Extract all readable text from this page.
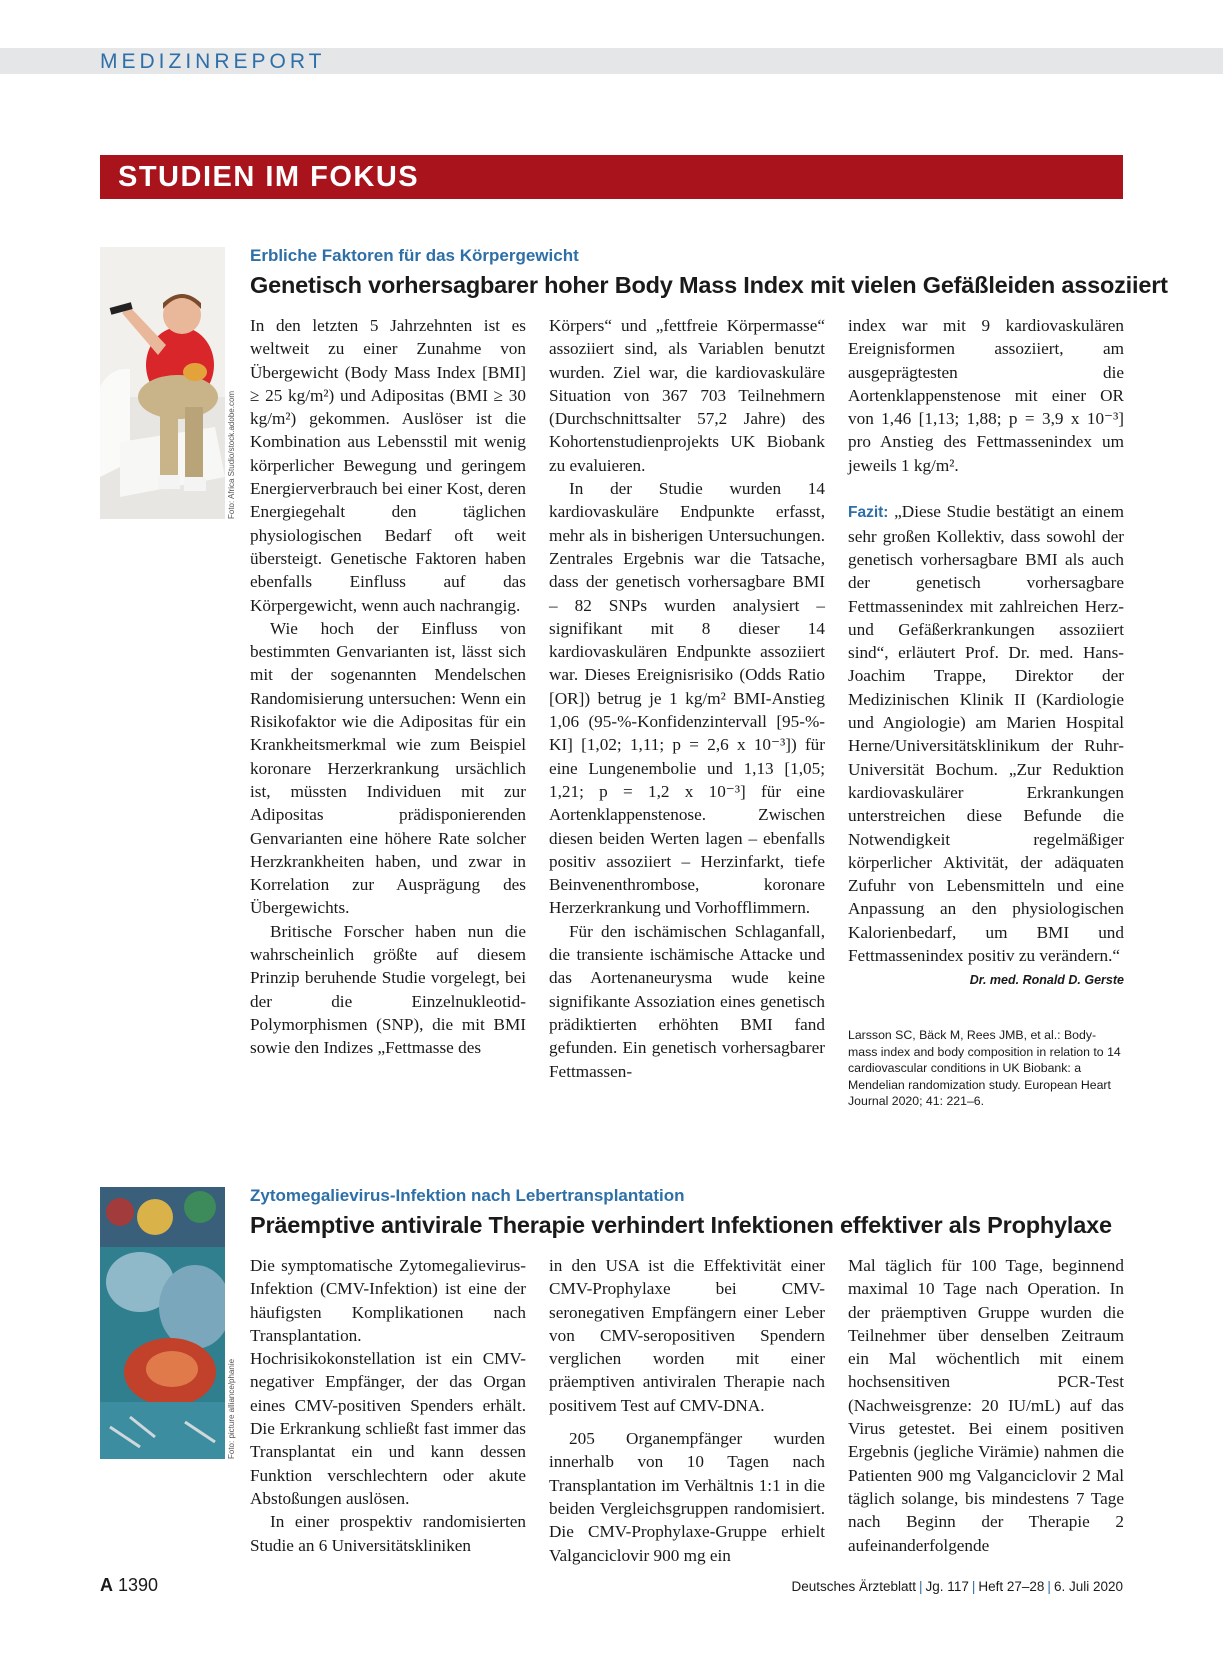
MEDIZINREPORT
STUDIEN IM FOKUS
Foto: Africa Studio/stock.adobe.com
Erbliche Faktoren für das Körpergewicht
Genetisch vorhersagbarer hoher Body Mass Index mit vielen Gefäßleiden assoziiert

In den letzten 5 Jahrzehnten ist es weltweit zu einer Zunahme von Übergewicht (Body Mass Index [BMI] ≥ 25 kg/m²) und Adipositas (BMI ≥ 30 kg/m²) gekommen. Auslöser ist die Kombination aus Lebensstil mit wenig körperlicher Bewegung und geringem Energierverbrauch bei einer Kost, deren Energiegehalt den täglichen physiologischen Bedarf oft weit übersteigt. Genetische Faktoren haben ebenfalls Einfluss auf das Körpergewicht, wenn auch nachrangig.

Wie hoch der Einfluss von bestimmten Genvarianten ist, lässt sich mit der sogenannten Mendelschen Randomisierung untersuchen: Wenn ein Risikofaktor wie die Adipositas für ein Krankheitsmerkmal wie zum Beispiel koronare Herzerkrankung ursächlich ist, müssten Individuen mit zur Adipositas prädisponierenden Genvarianten eine höhere Rate solcher Herzkrankheiten haben, und zwar in Korrelation zur Ausprägung des Übergewichts.

Britische Forscher haben nun die wahrscheinlich größte auf diesem Prinzip beruhende Studie vorgelegt, bei der die Einzelnukleotid-Polymorphismen (SNP), die mit BMI sowie den Indizes „Fettmasse des

Körpers“ und „fettfreie Körpermasse“ assoziiert sind, als Variablen benutzt wurden. Ziel war, die kardiovaskuläre Situation von 367 703 Teilnehmern (Durchschnittsalter 57,2 Jahre) des Kohortenstudienprojekts UK Biobank zu evaluieren.

In der Studie wurden 14 kardiovaskuläre Endpunkte erfasst, mehr als in bisherigen Untersuchungen. Zentrales Ergebnis war die Tatsache, dass der genetisch vorhersagbare BMI – 82 SNPs wurden analysiert – signifikant mit 8 dieser 14 kardiovaskulären Endpunkte assoziiert war. Dieses Ereignisrisiko (Odds Ratio [OR]) betrug je 1 kg/m² BMI-Anstieg 1,06 (95-%-Konfidenzintervall [95-%-KI] [1,02; 1,11; p = 2,6 x 10⁻³]) für eine Lungenembolie und 1,13 [1,05; 1,21; p = 1,2 x 10⁻³] für eine Aortenklappenstenose. Zwischen diesen beiden Werten lagen – ebenfalls positiv assoziiert – Herzinfarkt, tiefe Beinvenenthrombose, koronare Herzerkrankung und Vorhofflimmern.

Für den ischämischen Schlaganfall, die transiente ischämische Attacke und das Aortenaneurysma wude keine signifikante Assoziation eines genetisch prädiktierten erhöhten BMI fand gefunden. Ein genetisch vorhersagbarer Fettmassen-

index war mit 9 kardiovaskulären Ereignisformen assoziiert, am ausgeprägtesten die Aortenklappenstenose mit einer OR von 1,46 [1,13; 1,88; p = 3,9 x 10⁻³] pro Anstieg des Fettmassenindex um jeweils 1 kg/m².

Fazit: „Diese Studie bestätigt an einem sehr großen Kollektiv, dass sowohl der genetisch vorhersagbare BMI als auch der genetisch vorhersagbare Fettmassenindex mit zahlreichen Herz- und Gefäßerkrankungen assoziiert sind“, erläutert Prof. Dr. med. Hans-Joachim Trappe, Direktor der Medizinischen Klinik II (Kardiologie und Angiologie) am Marien Hospital Herne/Universitätsklinikum der Ruhr-Universität Bochum. „Zur Reduktion kardiovaskulärer Erkrankungen unterstreichen diese Befunde die Notwendigkeit regelmäßiger körperlicher Aktivität, der adäquaten Zufuhr von Lebensmitteln und eine Anpassung an den physiologischen Kalorienbedarf, um BMI und Fettmassenindex positiv zu verändern.“
Dr. med. Ronald D. Gerste

Larsson SC, Bäck M, Rees JMB, et al.: Body-mass index and body composition in relation to 14 cardiovascular conditions in UK Biobank: a Mendelian randomization study. European Heart Journal 2020; 41: 221–6.
Foto: picture alliance/phanie
Zytomegalievirus-Infektion nach Lebertransplantation
Präemptive antivirale Therapie verhindert Infektionen effektiver als Prophylaxe

Die symptomatische Zytomegalievirus-Infektion (CMV-Infektion) ist eine der häufigsten Komplikationen nach Transplantation. Hochrisikokonstellation ist ein CMV-negativer Empfänger, der das Organ eines CMV-positiven Spenders erhält. Die Erkrankung schließt fast immer das Transplantat ein und kann dessen Funktion verschlechtern oder akute Abstoßungen auslösen.

In einer prospektiv randomisierten Studie an 6 Universitätskliniken

in den USA ist die Effektivität einer CMV-Prophylaxe bei CMV-seronegativen Empfängern einer Leber von CMV-seropositiven Spendern verglichen worden mit einer präemptiven antiviralen Therapie nach positivem Test auf CMV-DNA.

205 Organempfänger wurden innerhalb von 10 Tagen nach Transplantation im Verhältnis 1:1 in die beiden Vergleichsgruppen randomisiert. Die CMV-Prophylaxe-Gruppe erhielt Valganciclovir 900 mg ein

Mal täglich für 100 Tage, beginnend maximal 10 Tage nach Operation. In der präemptiven Gruppe wurden die Teilnehmer über denselben Zeitraum ein Mal wöchentlich mit einem hochsensitiven PCR-Test (Nachweisgrenze: 20 IU/mL) auf das Virus getestet. Bei einem positiven Ergebnis (jegliche Virämie) nahmen die Patienten 900 mg Valganciclovir 2 Mal täglich solange, bis mindestens 7 Tage nach Beginn der Therapie 2 aufeinanderfolgende

A 1390	Deutsches Ärzteblatt | Jg. 117 | Heft 27–28 | 6. Juli 2020
